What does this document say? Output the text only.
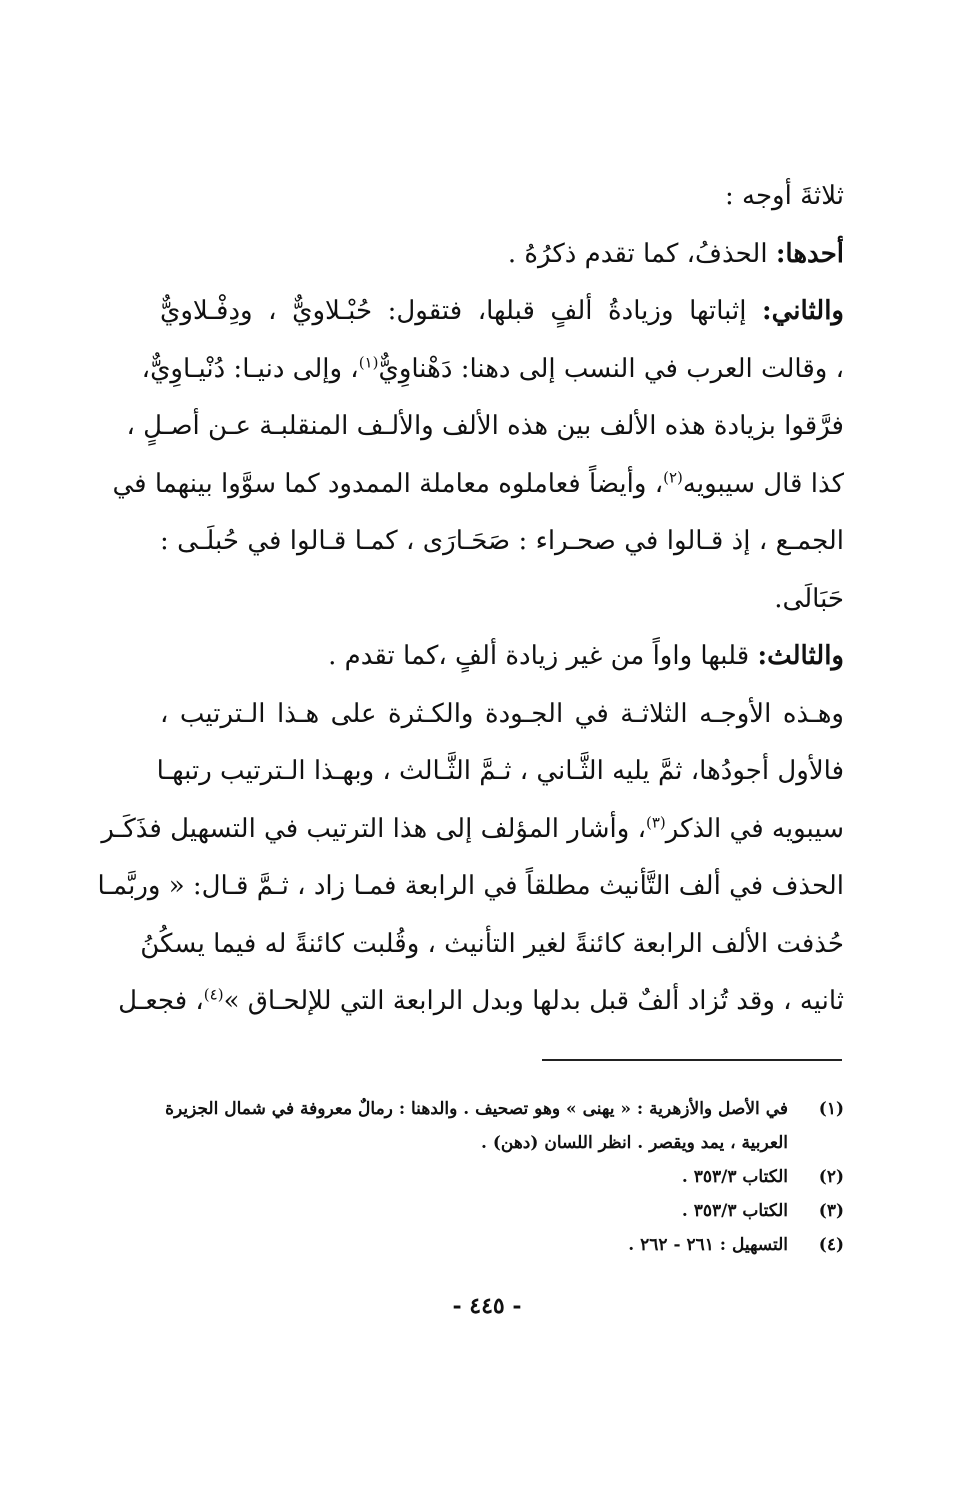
ثلاثةَ أوجه :
أحدها: الحذفُ، كما تقدم ذكرُهُ .
والثاني: إثباتها وزيادةُ ألفٍ قبلها، فتقول: حُبْـلاويٌّ ، ودِفْـلاويٌّ
، وقالت العرب في النسب إلى دهنا: دَهْناوِيٌّ$^{(١)}$، وإلى دنيـا: دُنْيـاوِيٌّ،
فرَّقوا بزيادة هذه الألف بين هذه الألف والألـف المنقلبـة عـن أصـلٍ ،
كذا قال سيبويه$^{(٢)}$، وأيضاً فعاملوه معاملة الممدود كما سوَّوا بينهما في
الجمـع ، إذ قـالوا في صحـراء : صَحَـارَى ، كمـا قـالوا في حُبلَـى :
حَبَالَى.
والثالث: قلبها واواً من غير زيادة ألفٍ ،كما تقدم .
وهـذه الأوجـه الثلاثـة في الجـودة والكـثرة على هـذا الـترتيب ،
فالأول أجودُها، ثمَّ يليه الثَّـاني ، ثـمَّ الثَّـالث ، وبهـذا الـترتيب رتبهـا
سيبويه في الذكر$^{(٣)}$، وأشار المؤلف إلى هذا الترتيب في التسهيل فذَكَـر
الحذف في ألف التَّأنيث مطلقاً في الرابعة فمـا زاد ، ثـمَّ قـال: « وربَّمـا
حُذفت الألف الرابعة كائنةً لغير التأنيث ، وقُلبت كائنةً له فيما يسكُنُ
ثانيه ، وقد تُزاد ألفٌ قبل بدلها وبدل الرابعة التي للإلحـاق »$^{(٤)}$، فجعـل
(١)
في الأصل والأزهرية : « يهنى » وهو تصحيف . والدهنا : رمالٌ معروفة في شمال الجزيرة
العربية ، يمد ويقصر . انظر اللسان (دهن) .
(٢)
الكتاب ٣٥٣/٣ .
(٣)
الكتاب ٣٥٣/٣ .
(٤)
التسهيل : ٢٦١ - ٢٦٢ .
- ٤٤٥ -
